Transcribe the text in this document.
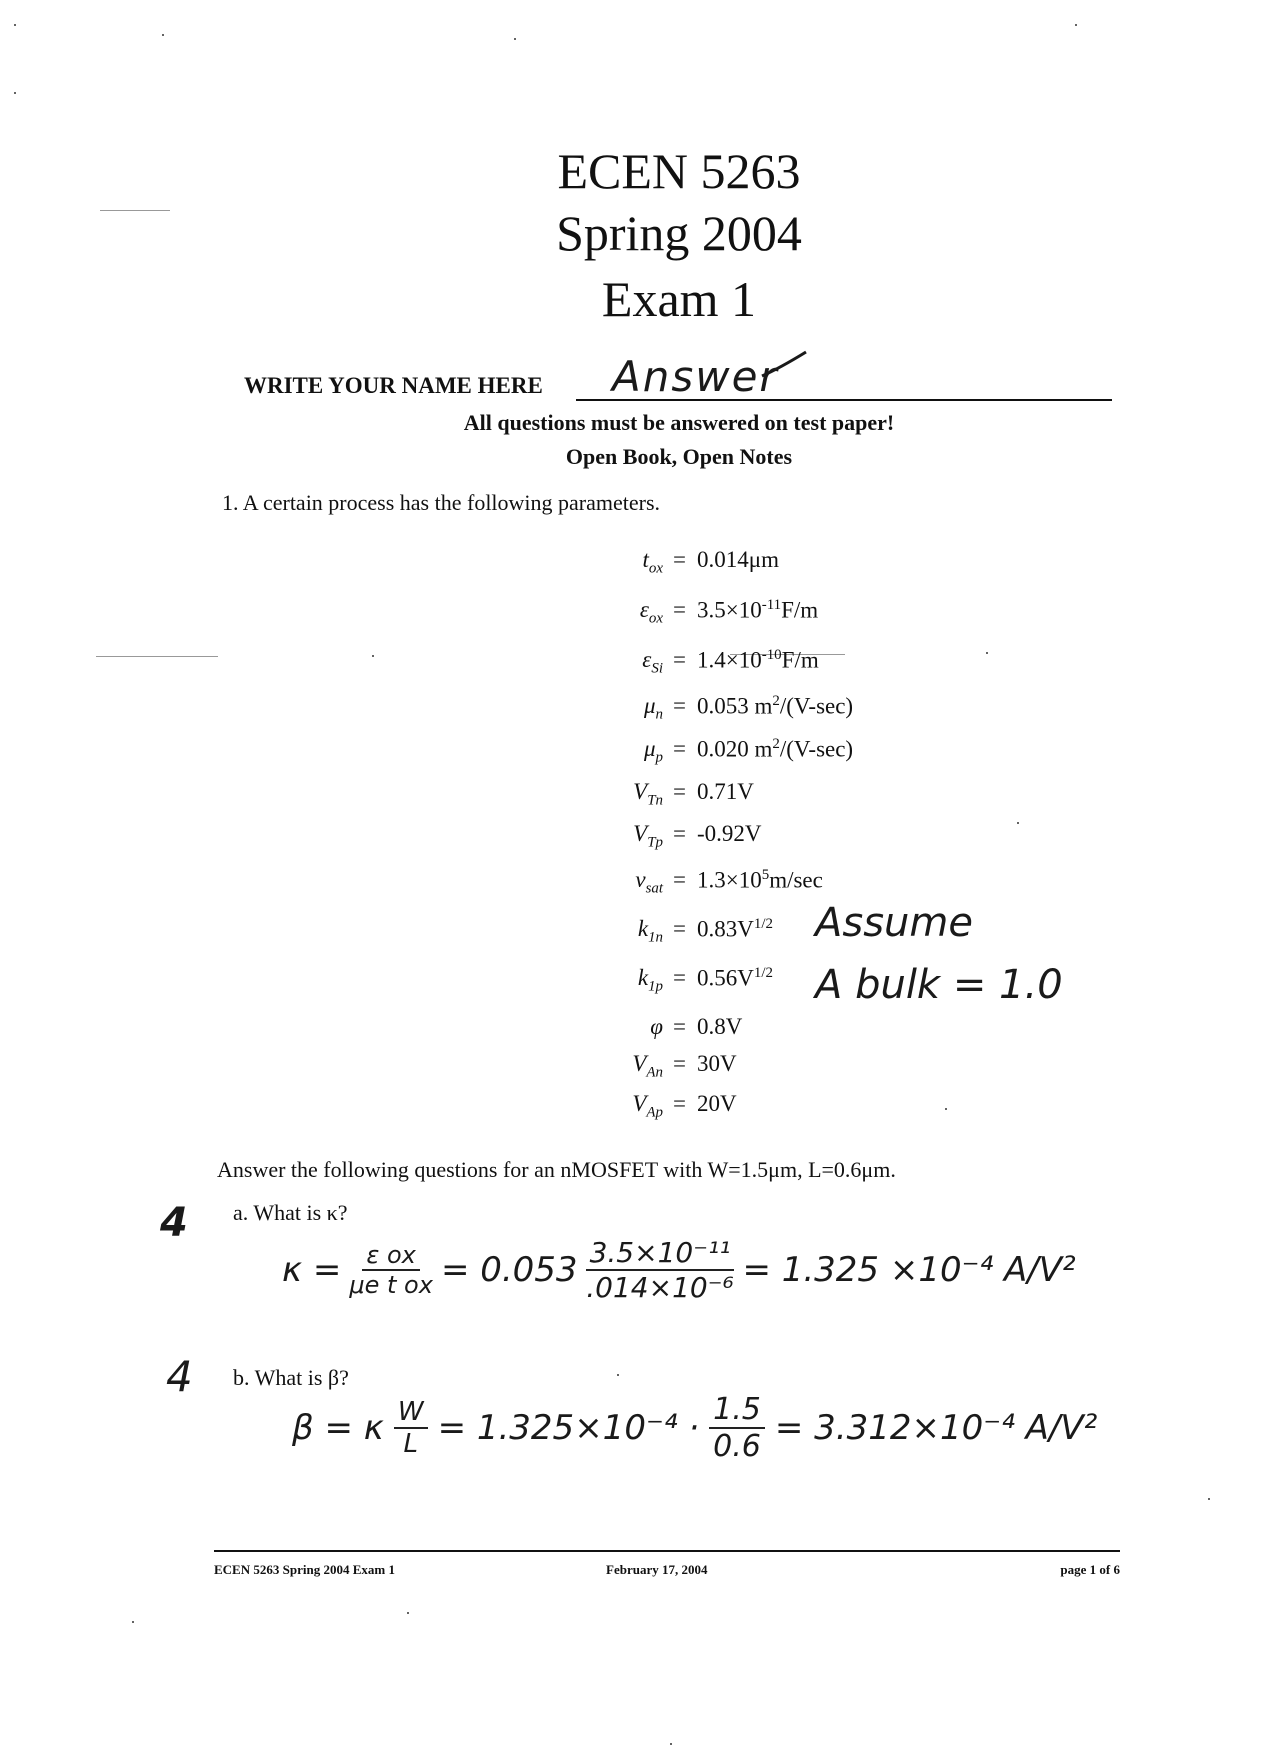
ECEN 5263
Spring 2004
Exam 1
WRITE YOUR NAME HERE Answer
All questions must be answered on test paper!
Open Book, Open Notes
1. A certain process has the following parameters.
$t_{ox} = 0.014\mu m$
$\varepsilon_{ox} = 3.5\times 10^{-11}F/m$
$\varepsilon_{Si} = 1.4\times 10^{-10}F/m$
$\mu_n = 0.053$ $m^2/(V-\sec)$
$\mu_p = 0.020$ $m^2/(V-\sec)$
$V_{Tn} = 0.71V$
$V_{Tp} = -0.92V$
$v_{sat} = 1.3\times 10^5m/\sec$
$k_{1n} = 0.83V^{1/2}$
$k_{1p} = 0.56V^{1/2}$
φ = 0.8V
$V_{An} = 30V$
$V_{Ap} = 20V$
Assume
A bulk = 1.0
Answer the following questions for an nMOSFET with W=1.5μm, L=0.6μm.
4 a. What is κ?
$\kappa = \frac{\text{ε ox}}{\text{μe t ox}} = 0.053 \frac{\text{3.5×10⁻¹¹}}{\text{.014×10⁻⁶}} = 1.325 \times 10^{-4}$ A/V²
4 b. What is β?
β = κ $\frac{W}{L} = 1.325\times 10^{-4} \cdot \frac{1.5}{0.6} = 3.312\times 10^{-4}$ A/V²
ECEN 5263 Spring 2004 Exam 1	February 17, 2004	page 1 of 6
